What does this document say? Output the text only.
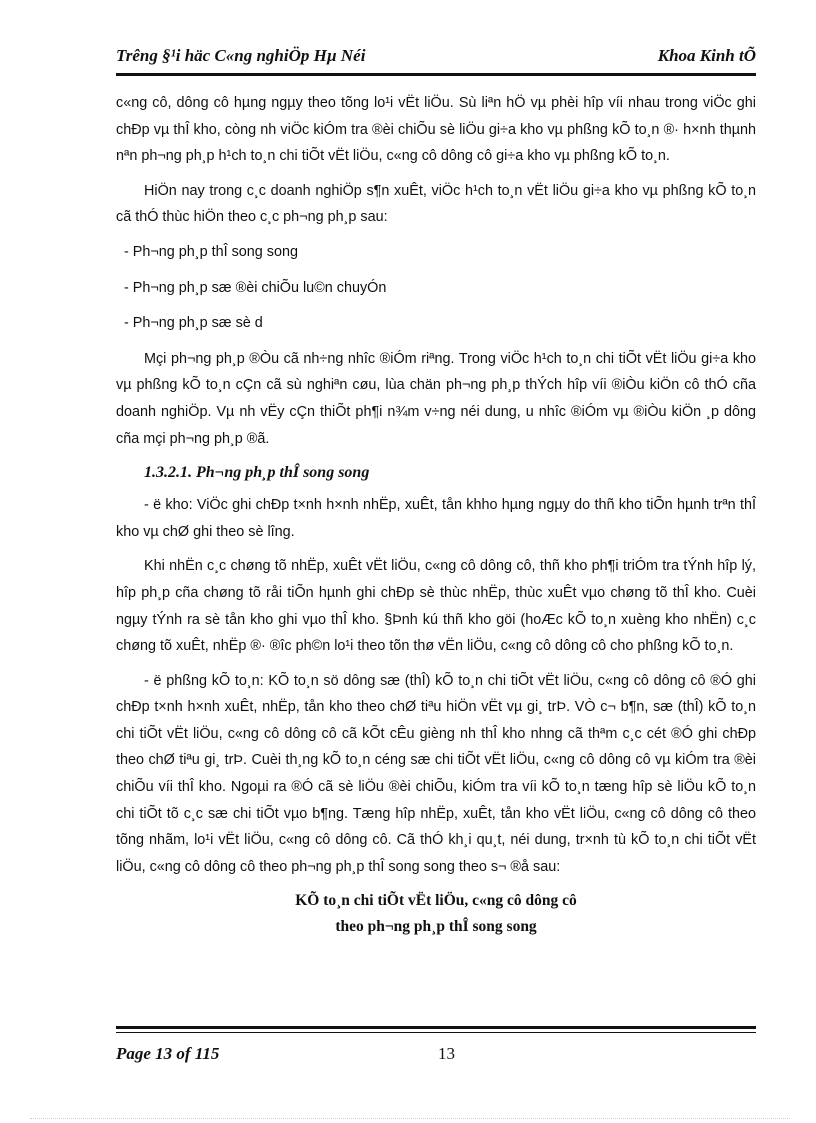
Trêng §¹i häc C«ng nghiÖp Hµ Néi	Khoa Kinh tÕ

c«ng cô, dông cô hµng ngµy theo tõng lo¹i vËt liÖu. Sù liªn hÖ vµ phèi hîp víi nhau trong viÖc ghi chÐp vµ thÎ kho, còng nh viÖc kiÓm tra ®èi chiÕu sè liÖu gi÷a kho vµ phßng kÕ to¸n ®· h×nh thµnh nªn ph¬ng ph¸p h¹ch to¸n chi tiÕt vËt liÖu, c«ng cô dông cô gi÷a kho vµ phßng kÕ to¸n.

HiÖn nay trong c¸c doanh nghiÖp s¶n xuÊt, viÖc h¹ch to¸n vËt liÖu gi÷a kho vµ phßng kÕ to¸n cã thÓ thùc hiÖn theo c¸c ph¬ng ph¸p sau:

- Ph¬ng ph¸p thÎ song song

- Ph¬ng ph¸p sæ ®èi chiÕu lu©n chuyÓn

- Ph¬ng ph¸p sæ sè d

Mçi ph¬ng ph¸p ®Òu cã nh÷ng nhîc ®iÓm riªng. Trong viÖc h¹ch to¸n chi tiÕt vËt liÖu gi÷a kho vµ phßng kÕ to¸n cÇn cã sù nghiªn cøu, lùa chän ph¬ng ph¸p thÝch hîp víi ®iÒu kiÖn cô thÓ cña doanh nghiÖp. Vµ nh vËy cÇn thiÕt ph¶i n¾m v÷ng néi dung, u nhîc ®iÓm vµ ®iÒu kiÖn ¸p dông cña mçi ph¬ng ph¸p ®ã.

1.3.2.1. Ph¬ng ph¸p thÎ song song

- ë kho: ViÖc ghi chÐp t×nh h×nh nhËp, xuÊt, tån khho hµng ngµy do thñ kho tiÕn hµnh trªn thÎ kho vµ chØ ghi theo sè lîng.

Khi nhËn c¸c chøng tõ nhËp, xuÊt vËt liÖu, c«ng cô dông cô, thñ kho ph¶i triÓm tra tÝnh hîp lý, hîp ph¸p cña chøng tõ råi tiÕn hµnh ghi chÐp sè thùc nhËp, thùc xuÊt vµo chøng tõ thÎ kho. Cuèi ngµy tÝnh ra sè tån kho ghi vµo thÎ kho. §Þnh kú thñ kho göi (hoÆc kÕ to¸n xuèng kho nhËn) c¸c chøng tõ xuÊt, nhËp ®· ®îc ph©n lo¹i theo tõn thø vËn liÖu, c«ng cô dông cô cho phßng kÕ to¸n.

- ë phßng kÕ to¸n: KÕ to¸n sö dông sæ (thÎ) kÕ to¸n chi tiÕt vËt liÖu, c«ng cô dông cô ®Ó ghi chÐp t×nh h×nh xuÊt, nhËp, tån kho theo chØ tiªu hiÖn vËt vµ gi¸ trÞ. VÒ c¬ b¶n, sæ (thÎ) kÕ to¸n chi tiÕt vËt liÖu, c«ng cô dông cô cã kÕt cÊu gièng nh thÎ kho nhng cã thªm c¸c cét ®Ó ghi chÐp theo chØ tiªu gi¸ trÞ. Cuèi th¸ng kÕ to¸n céng sæ chi tiÕt vËt liÖu, c«ng cô dông cô vµ kiÓm tra ®èi chiÕu víi thÎ kho. Ngoµi ra ®Ó cã sè liÖu ®èi chiÕu, kiÓm tra víi kÕ to¸n tæng hîp sè liÖu kÕ to¸n chi tiÕt tõ c¸c sæ chi tiÕt vµo b¶ng. Tæng hîp nhËp, xuÊt, tån kho vËt liÖu, c«ng cô dông cô theo tõng nhãm, lo¹i vËt liÖu, c«ng cô dông cô. Cã thÓ kh¸i qu¸t, néi dung, tr×nh tù kÕ to¸n chi tiÕt vËt liÖu, c«ng cô dông cô theo ph¬ng ph¸p thÎ song song theo s¬ ®å sau:

KÕ to¸n chi tiÕt vËt liÖu, c«ng cô dông cô
theo ph¬ng ph¸p thÎ song song
Page 13 of 115	13
